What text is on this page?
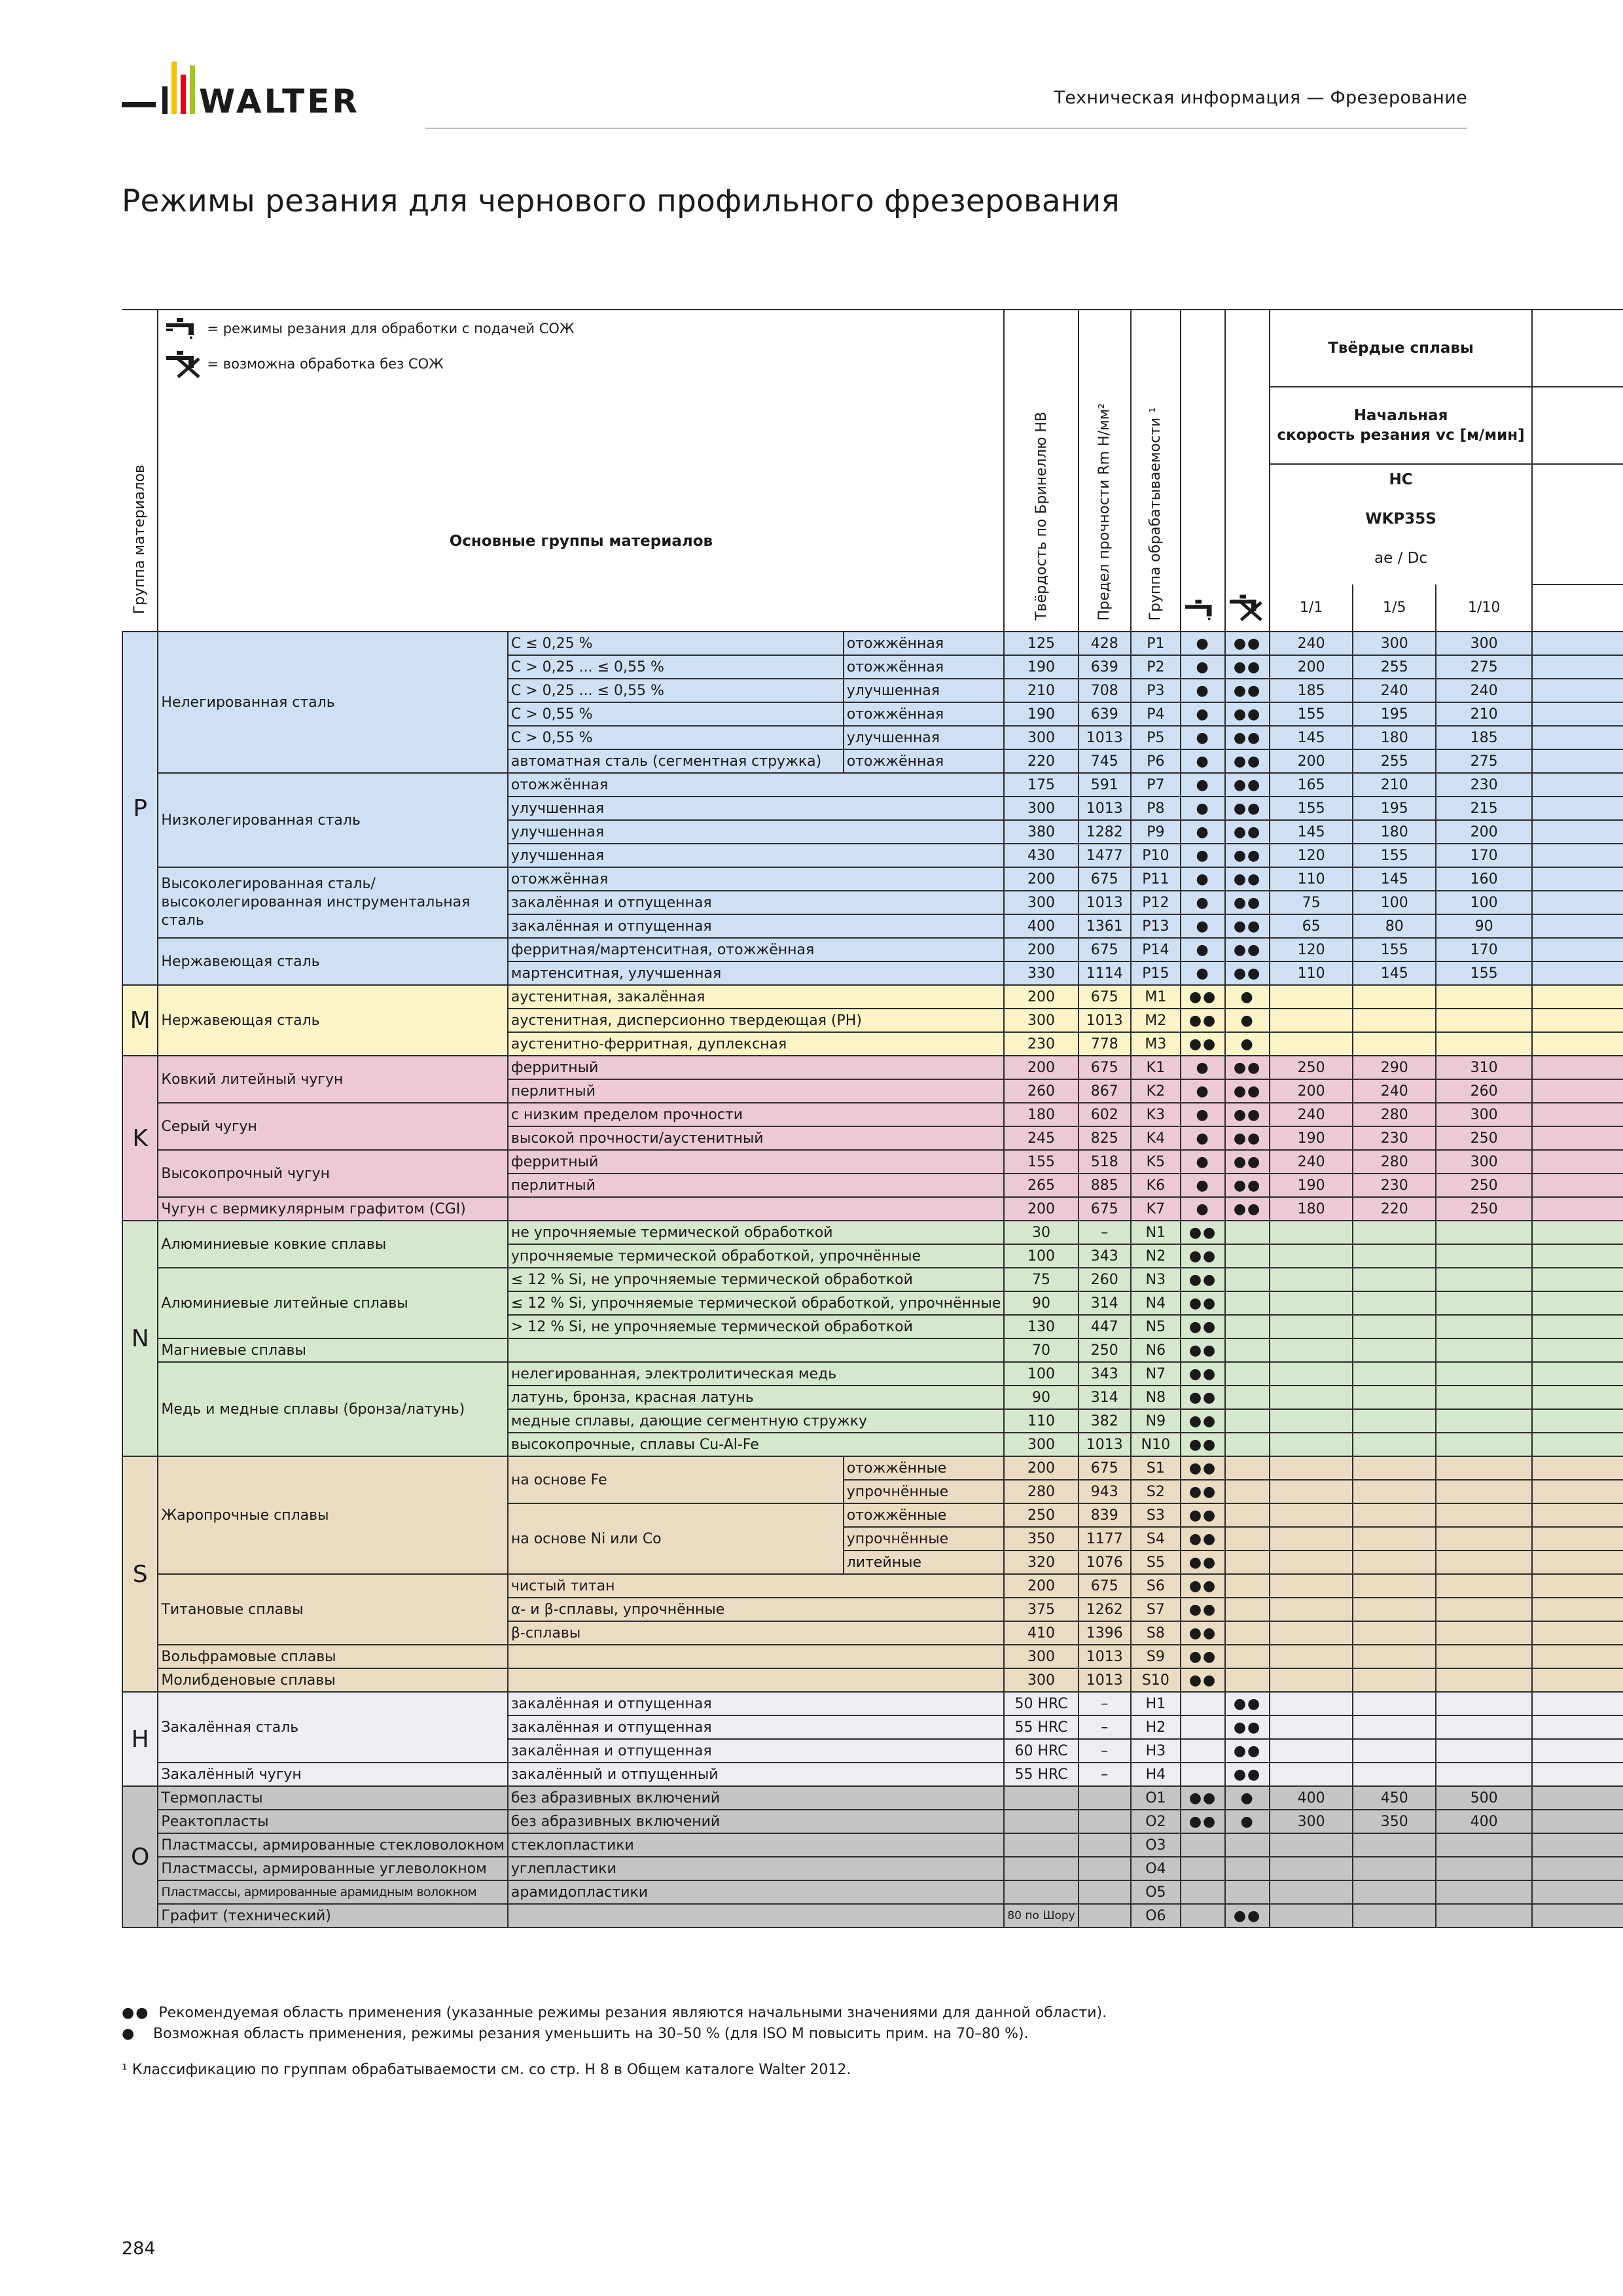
WALTER	Техническая информация — Фрезерование
Режимы резания для чернового профильного фрезерования
Группа материалов	= режимы резания для обработки с подачей СОЖ
= возможна обработка без СОЖ
Основные группы материалов			Твёрдость по Бринеллю HB	Предел прочности Rm Н/мм²	Группа обрабатываемости ¹			Твёрдые сплавы			

									Начальная
скорость резания vc [м/мин]			

									HC
WKP35S
ae / Dc			

									1/1	1/5	1/10	
P	Нелегированная сталь	C ≤ 0,25 %	отожжённая	125	428	P1	●	●●	240	300	300	
		C > 0,25 ... ≤ 0,55 %	отожжённая	190	639	P2	●	●●	200	255	275	
		C > 0,25 ... ≤ 0,55 %	улучшенная	210	708	P3	●	●●	185	240	240	
		C > 0,55 %	отожжённая	190	639	P4	●	●●	155	195	210	
		C > 0,55 %	улучшенная	300	1013	P5	●	●●	145	180	185	
		автоматная сталь (сегментная стружка)	отожжённая	220	745	P6	●	●●	200	255	275	
	Низколегированная сталь	отожжённая		175	591	P7	●	●●	165	210	230	
		улучшенная		300	1013	P8	●	●●	155	195	215	
		улучшенная		380	1282	P9	●	●●	145	180	200	
		улучшенная		430	1477	P10	●	●●	120	155	170	
	Высоколегированная сталь/ высоколегированная инструментальная сталь	отожжённая		200	675	P11	●	●●	110	145	160	
		закалённая и отпущенная		300	1013	P12	●	●●	75	100	100	
		закалённая и отпущенная		400	1361	P13	●	●●	65	80	90	
	Нержавеющая сталь	ферритная/мартенситная, отожжённая		200	675	P14	●	●●	120	155	170	
		мартенситная, улучшенная		330	1114	P15	●	●●	110	145	155	
M	Нержавеющая сталь	аустенитная, закалённая		200	675	M1	●●	●				
		аустенитная, дисперсионно твердеющая (PH)		300	1013	M2	●●	●				
		аустенитно-ферритная, дуплексная		230	778	M3	●●	●				
K	Ковкий литейный чугун	ферритный		200	675	K1	●	●●	250	290	310	
		перлитный		260	867	K2	●	●●	200	240	260	
	Серый чугун	с низким пределом прочности		180	602	K3	●	●●	240	280	300	
		высокой прочности/аустенитный		245	825	K4	●	●●	190	230	250	
	Высокопрочный чугун	ферритный		155	518	K5	●	●●	240	280	300	
		перлитный		265	885	K6	●	●●	190	230	250	
	Чугун с вермикулярным графитом (CGI)			200	675	K7	●	●●	180	220	250	
N	Алюминиевые ковкие сплавы	не упрочняемые термической обработкой		30	–	N1	●●					
		упрочняемые термической обработкой, упрочнённые		100	343	N2	●●					
	Алюминиевые литейные сплавы	≤ 12 % Si, не упрочняемые термической обработкой		75	260	N3	●●					
		≤ 12 % Si, упрочняемые термической обработкой, упрочнённые		90	314	N4	●●					
		> 12 % Si, не упрочняемые термической обработкой		130	447	N5	●●					
	Магниевые сплавы			70	250	N6	●●					
	Медь и медные сплавы (бронза/латунь)	нелегированная, электролитическая медь		100	343	N7	●●					
		латунь, бронза, красная латунь		90	314	N8	●●					
		медные сплавы, дающие сегментную стружку		110	382	N9	●●					
		высокопрочные, сплавы Cu-Al-Fe		300	1013	N10	●●					
S	Жаропрочные сплавы	на основе Fe	отожжённые	200	675	S1	●●					
			упрочнённые	280	943	S2	●●					
		на основе Ni или Co	отожжённые	250	839	S3	●●					
			упрочнённые	350	1177	S4	●●					
			литейные	320	1076	S5	●●					
	Титановые сплавы	чистый титан		200	675	S6	●●					
		α- и β-сплавы, упрочнённые		375	1262	S7	●●					
		β-сплавы		410	1396	S8	●●					
	Вольфрамовые сплавы			300	1013	S9	●●					
	Молибденовые сплавы			300	1013	S10	●●					
H	Закалённая сталь	закалённая и отпущенная		50 HRC	–	H1		●●				
		закалённая и отпущенная		55 HRC	–	H2		●●				
		закалённая и отпущенная		60 HRC	–	H3		●●				
	Закалённый чугун	закалённый и отпущенный		55 HRC	–	H4		●●				
O	Термопласты	без абразивных включений				O1	●●	●	400	450	500	
	Реактопласты	без абразивных включений				O2	●●	●	300	350	400	
	Пластмассы, армированные стекловолокном	стеклопластики				O3						
	Пластмассы, армированные углеволокном	углепластики				O4						
	Пластмассы, армированные арамидным волокном	арамидопластики				O5						
	Графит (технический)			80 по Шору		O6		●●				
●● Рекомендуемая область применения (указанные режимы резания являются начальными значениями для данной области).
● Возможная область применения, режимы резания уменьшить на 30–50 % (для ISO M повысить прим. на 70–80 %).
¹ Классификацию по группам обрабатываемости см. со стр. H 8 в Общем каталоге Walter 2012.
284
